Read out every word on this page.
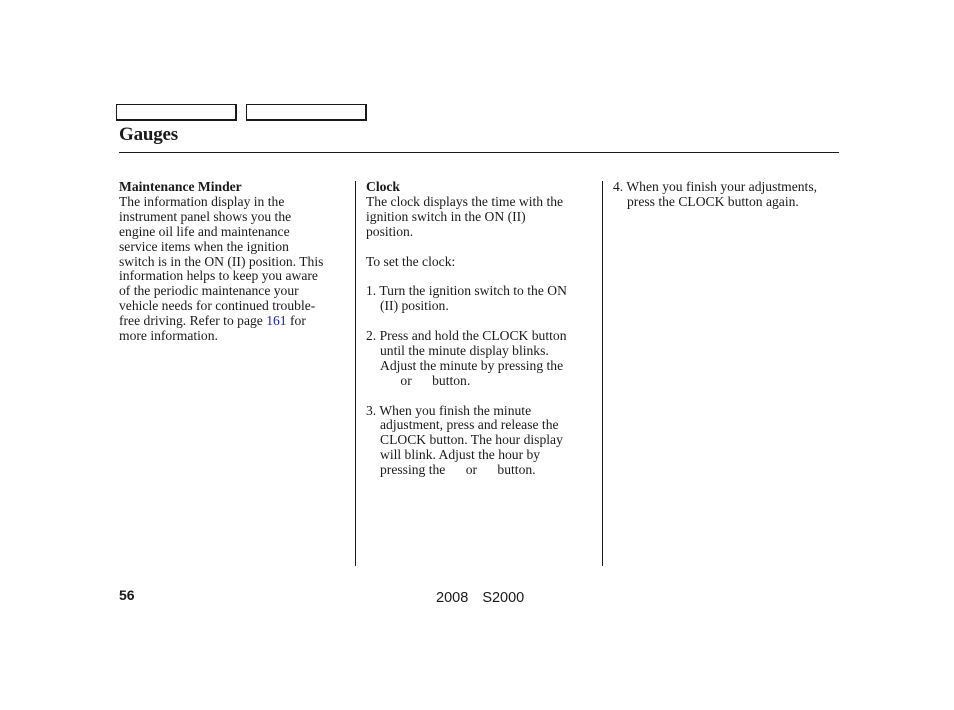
Gauges
Maintenance Minder
The information display in the
instrument panel shows you the
engine oil life and maintenance
service items when the ignition
switch is in the ON (II) position. This
information helps to keep you aware
of the periodic maintenance your
vehicle needs for continued trouble-
free driving. Refer to page 161 for
more information.
Clock
The clock displays the time with the
ignition switch in the ON (II)
position.
To set the clock:
1. Turn the ignition switch to the ON
(II) position.
2. Press and hold the CLOCK button
until the minute display blinks.
Adjust the minute by pressing the
or      button.
3. When you finish the minute
adjustment, press and release the
CLOCK button. The hour display
will blink. Adjust the hour by
pressing the      or      button.
4. When you finish your adjustments,
press the CLOCK button again.
56	2008  S2000
